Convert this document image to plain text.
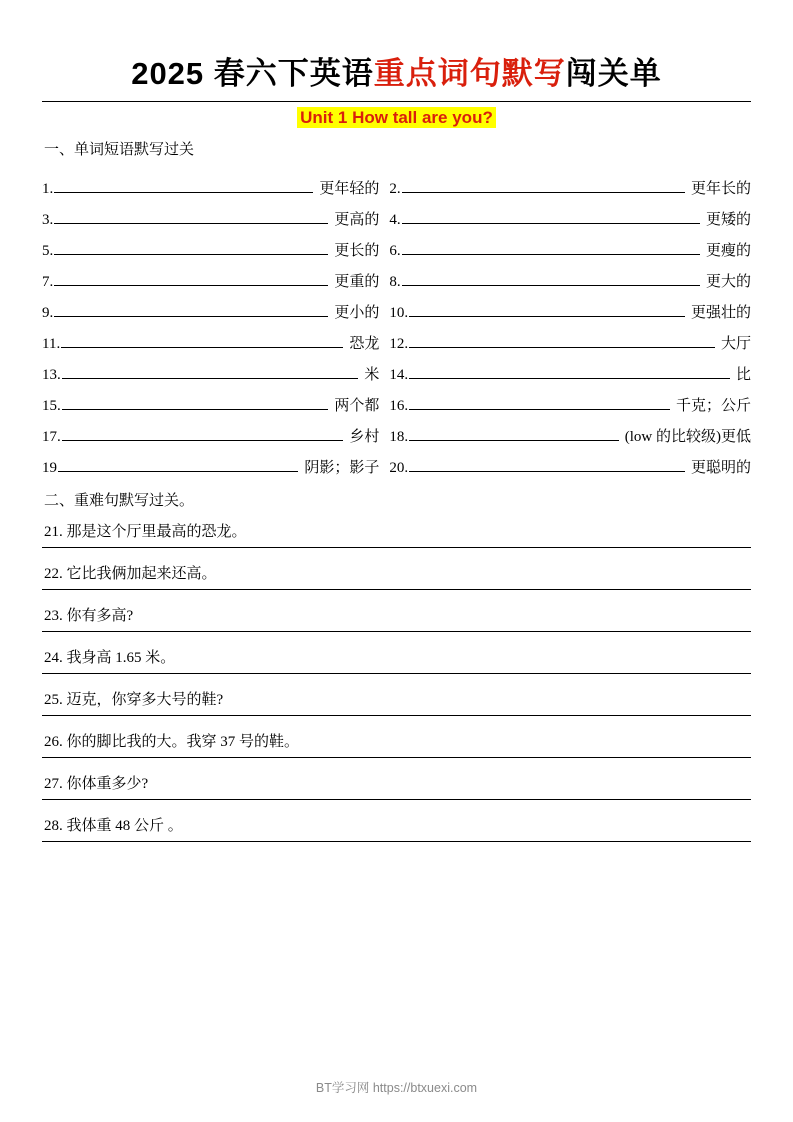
2025 春六下英语重点词句默写闯关单
Unit 1 How tall are you?
一、单词短语默写过关
1. 更年轻的	2. 更年长的

3. 更高的	4. 更矮的

5. 更长的	6. 更瘦的

7. 更重的	8. 更大的

9. 更小的	10. 更强壮的

11. 恐龙	12. 大厅

13. 米	14. 比

15. 两个都	16. 千克；公斤

17. 乡村	18. (low 的比较级)更低

19 阴影；影子	20. 更聪明的
二、重难句默写过关。

21. 那是这个厅里最高的恐龙。

22. 它比我俩加起来还高。

23. 你有多高?

24. 我身高 1.65 米。

25. 迈克，你穿多大号的鞋?

26. 你的脚比我的大。我穿 37 号的鞋。

27. 你体重多少?

28. 我体重 48 公斤 。

BT学习网 https://btxuexi.com
